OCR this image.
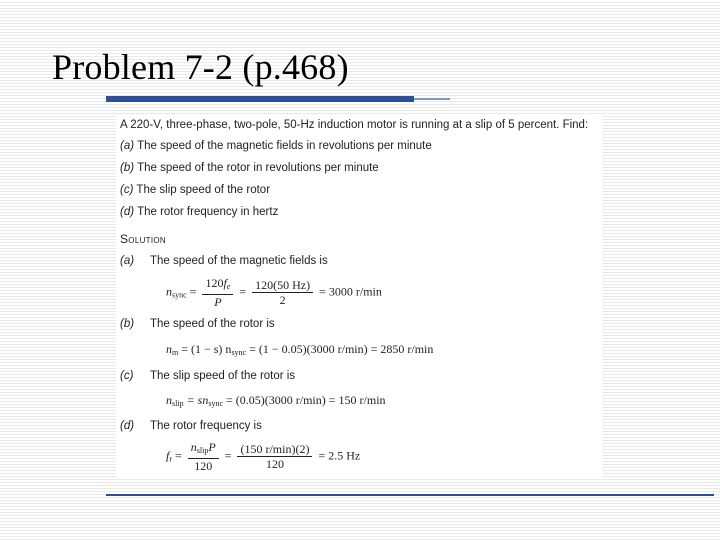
Problem 7-2 (p.468)
A 220-V, three-phase, two-pole, 50-Hz induction motor is running at a slip of 5 percent. Find:
(a) The speed of the magnetic fields in revolutions per minute
(b) The speed of the rotor in revolutions per minute
(c) The slip speed of the rotor
(d) The rotor frequency in hertz
Solution
(a) The speed of the magnetic fields is
$n_{sync} = \frac{120f_e}{P} = \frac{120(50 Hz)}{2} = 3000$ r/min
(b) The speed of the rotor is
$n_m = (1 - s) n_{sync} = (1 - 0.05)(3000$ r/min) = 2850 r/min
(c) The slip speed of the rotor is
$n_{slip} = sn_{sync} = (0.05)(3000$ r/min) = 150 r/min
(d) The rotor frequency is
$f_r = \frac{n_{slip}P}{120} = \frac{(150 r/\min)(2)}{120} = 2.5$ Hz
